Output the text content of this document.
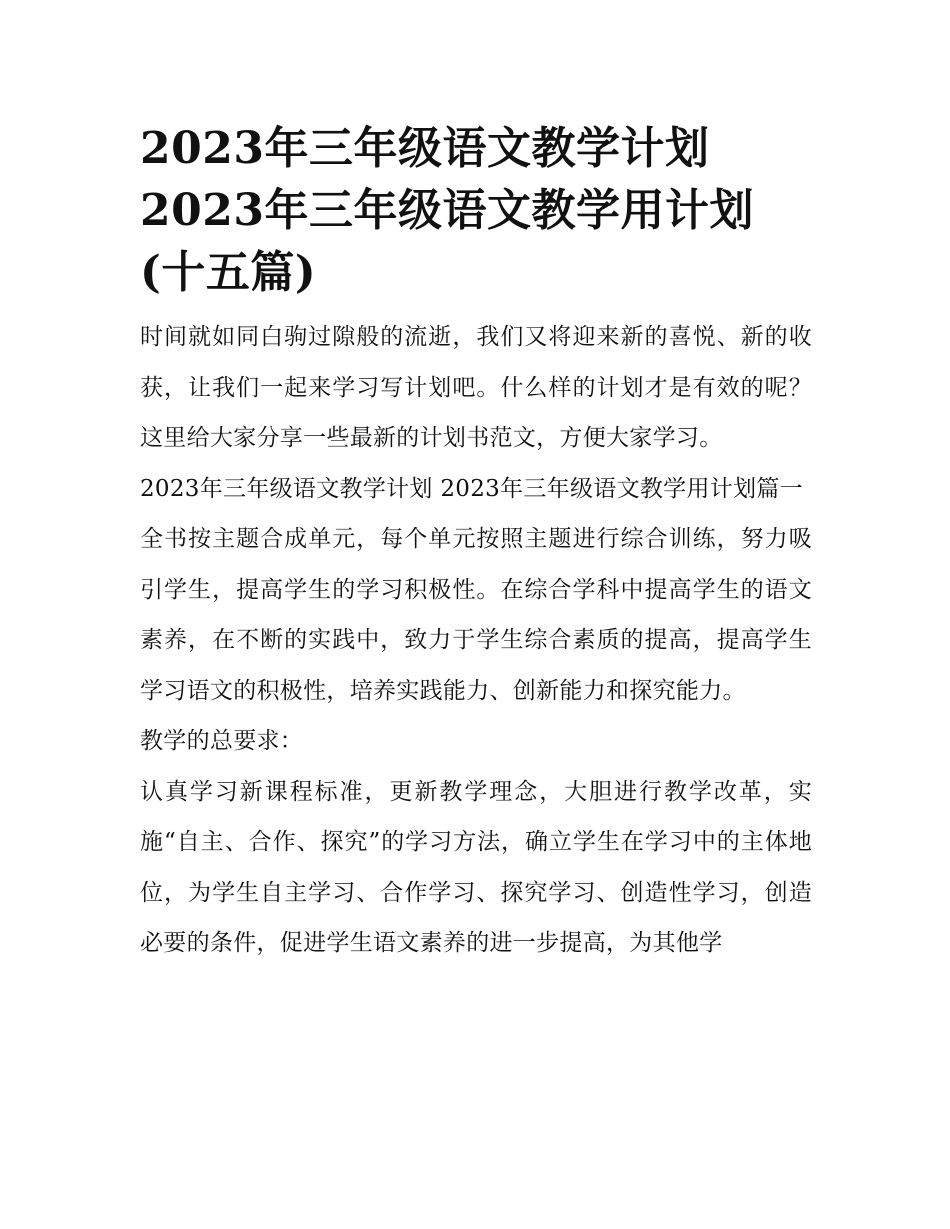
2023年三年级语文教学计划
2023年三年级语文教学用计划
(十五篇)

时间就如同白驹过隙般的流逝，我们又将迎来新的喜悦、新的收获，让我们一起来学习写计划吧。什么样的计划才是有效的呢？这里给大家分享一些最新的计划书范文，方便大家学习。

2023年三年级语文教学计划 2023年三年级语文教学用计划篇一

全书按主题合成单元，每个单元按照主题进行综合训练，努力吸引学生，提高学生的学习积极性。在综合学科中提高学生的语文素养，在不断的实践中，致力于学生综合素质的提高，提高学生学习语文的积极性，培养实践能力、创新能力和探究能力。

教学的总要求：

认真学习新课程标准，更新教学理念，大胆进行教学改革，实施“自主、合作、探究”的学习方法，确立学生在学习中的主体地位，为学生自主学习、合作学习、探究学习、创造性学习，创造必要的条件，促进学生语文素养的进一步提高，为其他学
